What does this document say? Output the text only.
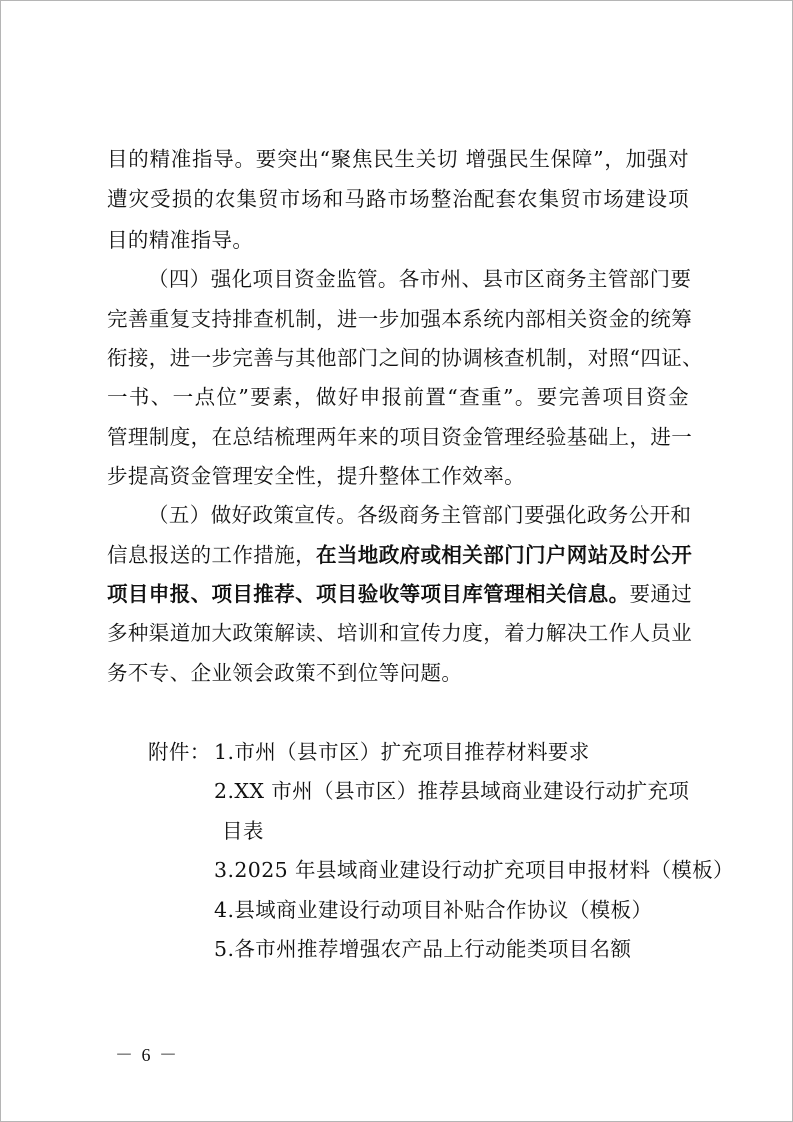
目的精准指导。要突出“聚焦民生关切 增强民生保障”，加强对
遭灾受损的农集贸市场和马路市场整治配套农集贸市场建设项
目的精准指导。
（四）强化项目资金监管。各市州、县市区商务主管部门要
完善重复支持排查机制，进一步加强本系统内部相关资金的统筹
衔接，进一步完善与其他部门之间的协调核查机制，对照“四证、
一书、一点位”要素，做好申报前置“查重”。要完善项目资金
管理制度，在总结梳理两年来的项目资金管理经验基础上，进一
步提高资金管理安全性，提升整体工作效率。
（五）做好政策宣传。各级商务主管部门要强化政务公开和
信息报送的工作措施，在当地政府或相关部门门户网站及时公开
项目申报、项目推荐、项目验收等项目库管理相关信息。要通过
多种渠道加大政策解读、培训和宣传力度，着力解决工作人员业
务不专、企业领会政策不到位等问题。
附件： 1.市州（县市区）扩充项目推荐材料要求
2.XX 市州（县市区）推荐县域商业建设行动扩充项
目表
3.2025 年县域商业建设行动扩充项目申报材料（模板）
4.县域商业建设行动项目补贴合作协议（模板）
5.各市州推荐增强农产品上行动能类项目名额
－ 6 －
